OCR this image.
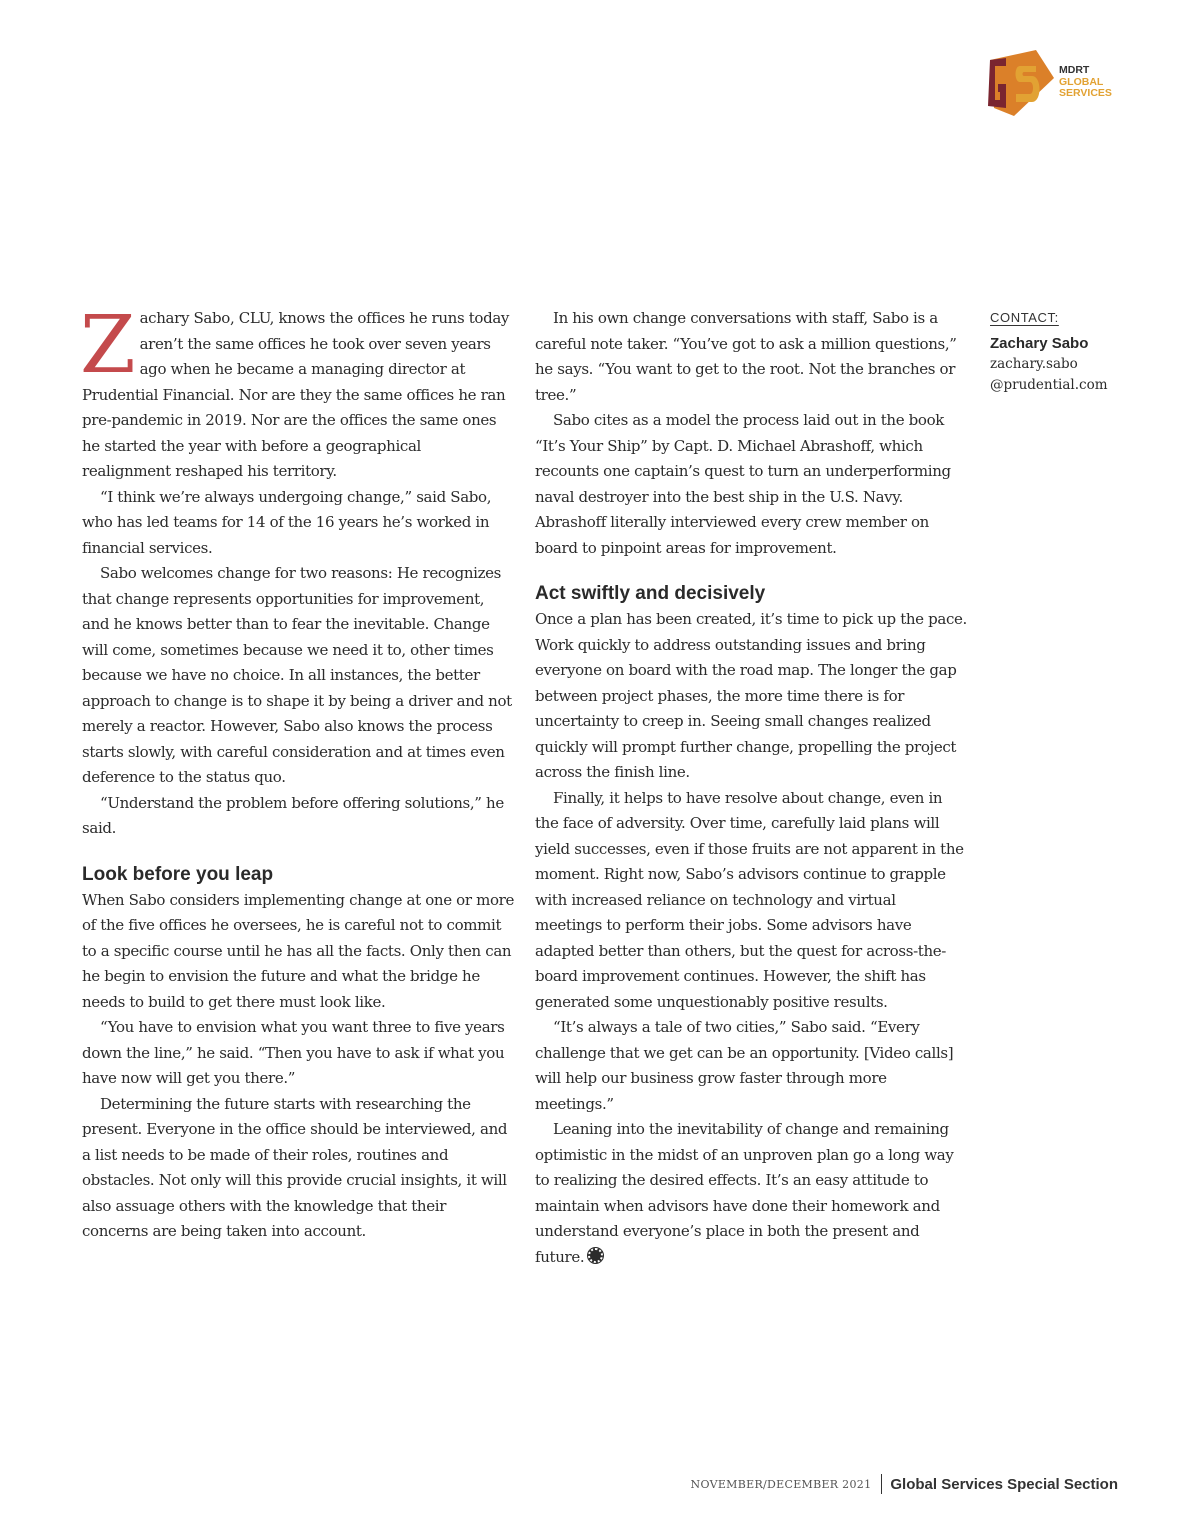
MDRT
GLOBAL
SERVICES

Zachary Sabo, CLU, knows the offices he runs today aren’t the same offices he took over seven years ago when he became a managing director at Prudential Financial. Nor are they the same offices he ran pre-pandemic in 2019. Nor are the offices the same ones he started the year with before a geographical realignment reshaped his territory.

“I think we’re always undergoing change,” said Sabo, who has led teams for 14 of the 16 years he’s worked in financial services.

Sabo welcomes change for two reasons: He recognizes that change represents opportunities for improvement, and he knows better than to fear the inevitable. Change will come, sometimes because we need it to, other times because we have no choice. In all instances, the better approach to change is to shape it by being a driver and not merely a reactor. However, Sabo also knows the process starts slowly, with careful consideration and at times even deference to the status quo.

“Understand the problem before offering solutions,” he said.

Look before you leap

When Sabo considers implementing change at one or more of the five offices he oversees, he is careful not to commit to a specific course until he has all the facts. Only then can he begin to envision the future and what the bridge he needs to build to get there must look like.

“You have to envision what you want three to five years down the line,” he said. “Then you have to ask if what you have now will get you there.”

Determining the future starts with researching the present. Everyone in the office should be interviewed, and a list needs to be made of their roles, routines and obstacles. Not only will this provide crucial insights, it will also assuage others with the knowledge that their concerns are being taken into account.

In his own change conversations with staff, Sabo is a careful note taker. “You’ve got to ask a million questions,” he says. “You want to get to the root. Not the branches or tree.”

Sabo cites as a model the process laid out in the book “It’s Your Ship” by Capt. D. Michael Abrashoff, which recounts one captain’s quest to turn an underperforming naval destroyer into the best ship in the U.S. Navy. Abrashoff literally interviewed every crew member on board to pinpoint areas for improvement.

Act swiftly and decisively

Once a plan has been created, it’s time to pick up the pace. Work quickly to address outstanding issues and bring everyone on board with the road map. The longer the gap between project phases, the more time there is for uncertainty to creep in. Seeing small changes realized quickly will prompt further change, propelling the project across the finish line.

Finally, it helps to have resolve about change, even in the face of adversity. Over time, carefully laid plans will yield successes, even if those fruits are not apparent in the moment. Right now, Sabo’s advisors continue to grapple with increased reliance on technology and virtual meetings to perform their jobs. Some advisors have adapted better than others, but the quest for across-the-board improvement continues. However, the shift has generated some unquestionably positive results.

“It’s always a tale of two cities,” Sabo said. “Every challenge that we get can be an opportunity. [Video calls] will help our business grow faster through more meetings.”

Leaning into the inevitability of change and remaining optimistic in the midst of an unproven plan go a long way to realizing the desired effects. It’s an easy attitude to maintain when advisors have done their homework and understand everyone’s place in both the present and future.

CONTACT:
Zachary Sabo
zachary.sabo
@prudential.com
NOVEMBER/DECEMBER 2021 Global Services Special Section
